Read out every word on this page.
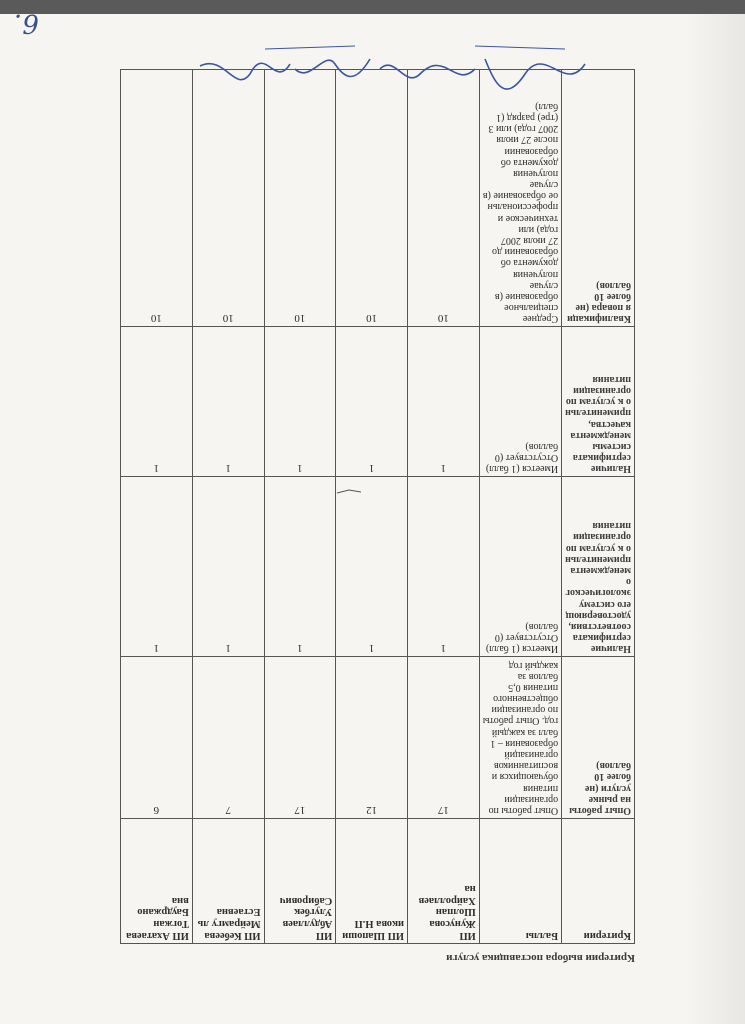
Критерии выбора поставщика услуги
Критерии	Баллы	ИП Жунусова Шолпан Хайроллаев на	ИП Шапоши икова Н.П	ИП Абдуллаев Улугбек Сабирович	ИП Кебеева Мейрамгу ль Естаевна	ИП Ахатаева Тогжан Баудржано вна
Опыт работы на рынке услуги (не более 10 баллов)	Опыт работы по организации питания обучающихся и воспитанников организаций образования – 1 балл за каждый год. Опыт работы по организации общественного питания 0,5 баллов за каждый год	17	12	17	7	6
Наличие сертификата соответствия, удостоверяющего систему экологического менеджмента применительно к услугам по организации питания	Имеется (1 балл) Отсутствует (0 баллов)	1	1	1	1	1
Наличие сертификата системы менеджмента качества, применительно к услугам по организации питания	Имеется (1 балл) Отсутствует (0 баллов)	1	1	1	1	1
Квалификация повара (не более 10 баллов)	Среднее специальное образование (в случае получения документа об образовании до 27 июля 2007 года) или техническое и профессиональное образование (в случае получения документа об образовании после 27 июля 2007 года) или 3 (тре) разряд (1 балл)	10	10	10	10	10
6.
